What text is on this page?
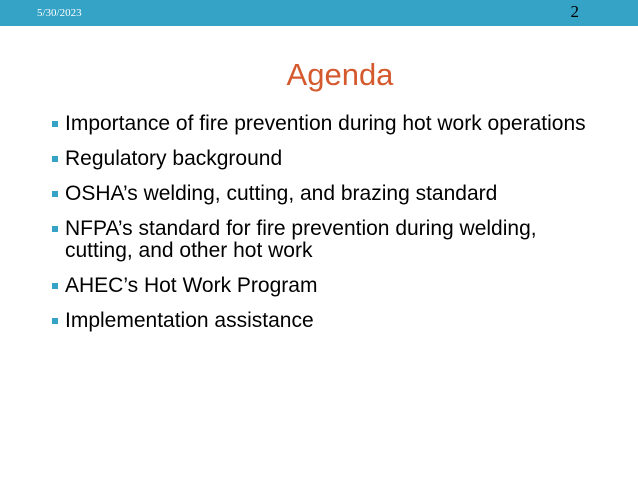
5/30/2023	2
Agenda
Importance of fire prevention during hot work operations
Regulatory background
OSHA’s welding, cutting, and brazing standard
NFPA’s standard for fire prevention during welding, cutting, and other hot work
AHEC’s Hot Work Program
Implementation assistance
